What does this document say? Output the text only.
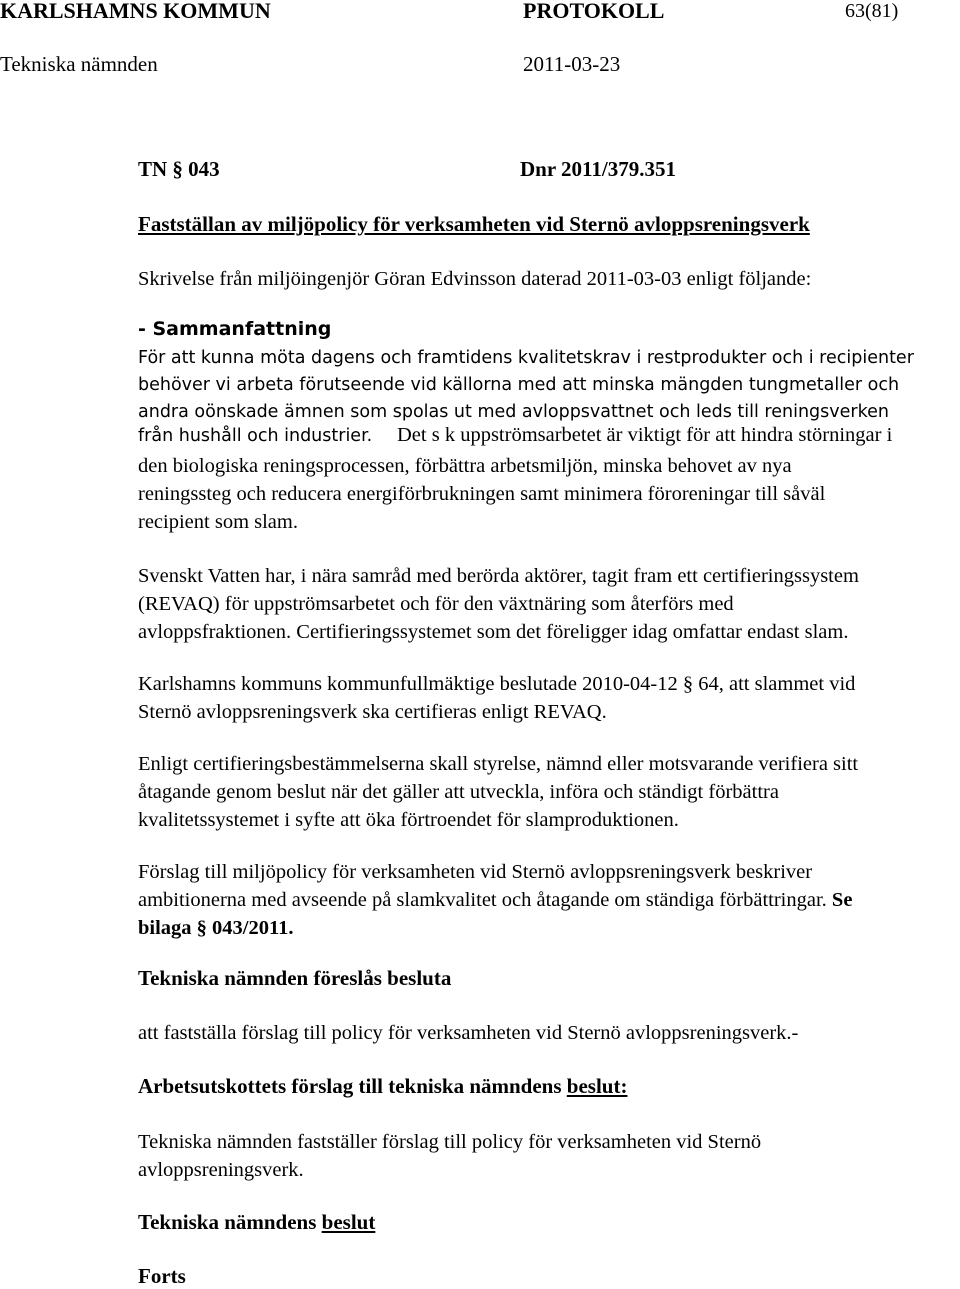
KARLSHAMNS KOMMUN	PROTOKOLL	63(81)
Tekniska nämnden	2011-03-23
TN § 043	Dnr 2011/379.351
Fastställan av miljöpolicy för verksamheten vid Sternö avloppsreningsverk
Skrivelse från miljöingenjör Göran Edvinsson daterad 2011-03-03 enligt följande:
- Sammanfattning
För att kunna möta dagens och framtidens kvalitetskrav i restprodukter och i recipienter
behöver vi arbeta förutseende vid källorna med att minska mängden tungmetaller och
andra oönskade ämnen som spolas ut med avloppsvattnet och leds till reningsverken
från hushåll och industrier. Det s k uppströmsarbetet är viktigt för att hindra störningar i
den biologiska reningsprocessen, förbättra arbetsmiljön, minska behovet av nya
reningssteg och reducera energiförbrukningen samt minimera föroreningar till såväl
recipient som slam.
Svenskt Vatten har, i nära samråd med berörda aktörer, tagit fram ett certifieringssystem
(REVAQ) för uppströmsarbetet och för den växtnäring som återförs med
avloppsfraktionen. Certifieringssystemet som det föreligger idag omfattar endast slam.
Karlshamns kommuns kommunfullmäktige beslutade 2010-04-12 § 64, att slammet vid
Sternö avloppsreningsverk ska certifieras enligt REVAQ.
Enligt certifieringsbestämmelserna skall styrelse, nämnd eller motsvarande verifiera sitt
åtagande genom beslut när det gäller att utveckla, införa och ständigt förbättra
kvalitetssystemet i syfte att öka förtroendet för slamproduktionen.
Förslag till miljöpolicy för verksamheten vid Sternö avloppsreningsverk beskriver
ambitionerna med avseende på slamkvalitet och åtagande om ständiga förbättringar. Se
bilaga § 043/2011.
Tekniska nämnden föreslås besluta
att fastställa förslag till policy för verksamheten vid Sternö avloppsreningsverk.-
Arbetsutskottets förslag till tekniska nämndens beslut:
Tekniska nämnden fastställer förslag till policy för verksamheten vid Sternö
avloppsreningsverk.
Tekniska nämndens beslut
Forts
